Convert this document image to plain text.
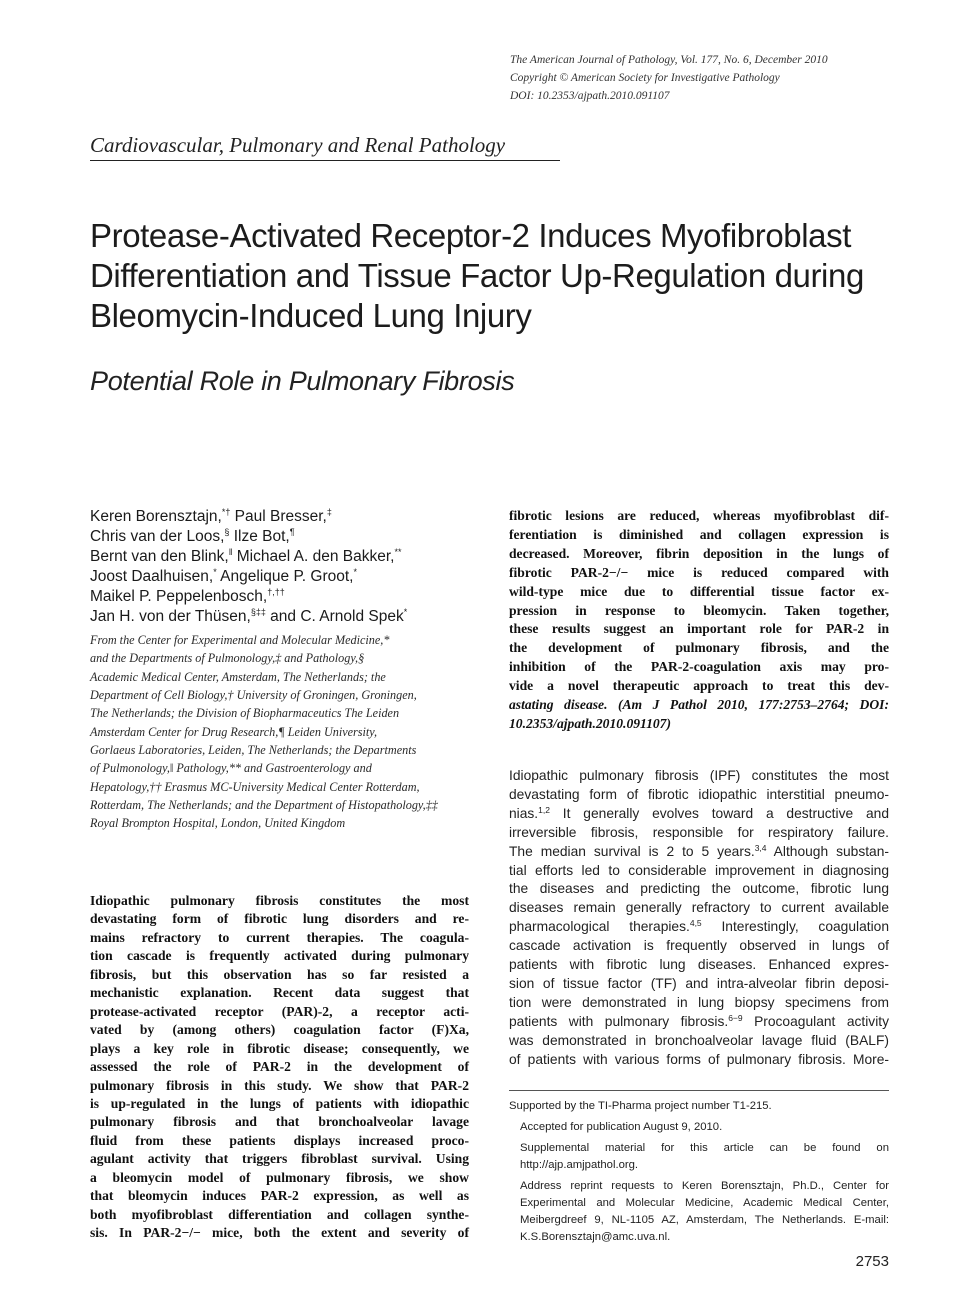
The American Journal of Pathology, Vol. 177, No. 6, December 2010
Copyright © American Society for Investigative Pathology
DOI: 10.2353/ajpath.2010.091107
Cardiovascular, Pulmonary and Renal Pathology
Protease-Activated Receptor-2 Induces Myofibroblast
Differentiation and Tissue Factor Up-Regulation during
Bleomycin-Induced Lung Injury
Potential Role in Pulmonary Fibrosis
Keren Borensztajn,*† Paul Bresser,‡
Chris van der Loos,§ Ilze Bot,¶
Bernt van den Blink,‖ Michael A. den Bakker,**
Joost Daalhuisen,* Angelique P. Groot,*
Maikel P. Peppelenbosch,†,††
Jan H. von der Thüsen,§‡‡ and C. Arnold Spek*
From the Center for Experimental and Molecular Medicine,*
and the Departments of Pulmonology,‡ and Pathology,§
Academic Medical Center, Amsterdam, The Netherlands; the
Department of Cell Biology,† University of Groningen, Groningen,
The Netherlands; the Division of Biopharmaceutics The Leiden
Amsterdam Center for Drug Research,¶ Leiden University,
Gorlaeus Laboratories, Leiden, The Netherlands; the Departments
of Pulmonology,‖ Pathology,** and Gastroenterology and
Hepatology,†† Erasmus MC-University Medical Center Rotterdam,
Rotterdam, The Netherlands; and the Department of Histopathology,‡‡
Royal Brompton Hospital, London, United Kingdom
Idiopathic pulmonary fibrosis constitutes the most
devastating form of fibrotic lung disorders and re-
mains refractory to current therapies. The coagula-
tion cascade is frequently activated during pulmonary
fibrosis, but this observation has so far resisted a
mechanistic explanation. Recent data suggest that
protease-activated receptor (PAR)-2, a receptor acti-
vated by (among others) coagulation factor (F)Xa,
plays a key role in fibrotic disease; consequently, we
assessed the role of PAR-2 in the development of
pulmonary fibrosis in this study. We show that PAR-2
is up-regulated in the lungs of patients with idiopathic
pulmonary fibrosis and that bronchoalveolar lavage
fluid from these patients displays increased proco-
agulant activity that triggers fibroblast survival. Using
a bleomycin model of pulmonary fibrosis, we show
that bleomycin induces PAR-2 expression, as well as
both myofibroblast differentiation and collagen synthe-
sis. In PAR-2−/− mice, both the extent and severity of
fibrotic lesions are reduced, whereas myofibroblast dif-
ferentiation is diminished and collagen expression is
decreased. Moreover, fibrin deposition in the lungs of
fibrotic PAR-2−/− mice is reduced compared with
wild-type mice due to differential tissue factor ex-
pression in response to bleomycin. Taken together,
these results suggest an important role for PAR-2 in
the development of pulmonary fibrosis, and the
inhibition of the PAR-2-coagulation axis may pro-
vide a novel therapeutic approach to treat this dev-
astating disease. (Am J Pathol 2010, 177:2753–2764; DOI:
10.2353/ajpath.2010.091107)
Idiopathic pulmonary fibrosis (IPF) constitutes the most
devastating form of fibrotic idiopathic interstitial pneumo-
nias.$^{1,2}$ It generally evolves toward a destructive and
irreversible fibrosis, responsible for respiratory failure.
The median survival is 2 to 5 years.$^{3,4}$ Although substan-
tial efforts led to considerable improvement in diagnosing
the diseases and predicting the outcome, fibrotic lung
diseases remain generally refractory to current available
pharmacological therapies.$^{4,5}$ Interestingly, coagulation
cascade activation is frequently observed in lungs of
patients with fibrotic lung diseases. Enhanced expres-
sion of tissue factor (TF) and intra-alveolar fibrin deposi-
tion were demonstrated in lung biopsy specimens from
patients with pulmonary fibrosis.$^{6-9}$ Procoagulant activity
was demonstrated in bronchoalveolar lavage fluid (BALF)
of patients with various forms of pulmonary fibrosis. More-

Supported by the TI-Pharma project number T1-215.

Accepted for publication August 9, 2010.

Supplemental material for this article can be found on http://ajp.amjpathol.org.

Address reprint requests to Keren Borensztajn, Ph.D., Center for Experimental and Molecular Medicine, Academic Medical Center, Meibergdreef 9, NL-1105 AZ, Amsterdam, The Netherlands. E-mail: K.S.Borensztajn@amc.uva.nl.

2753
